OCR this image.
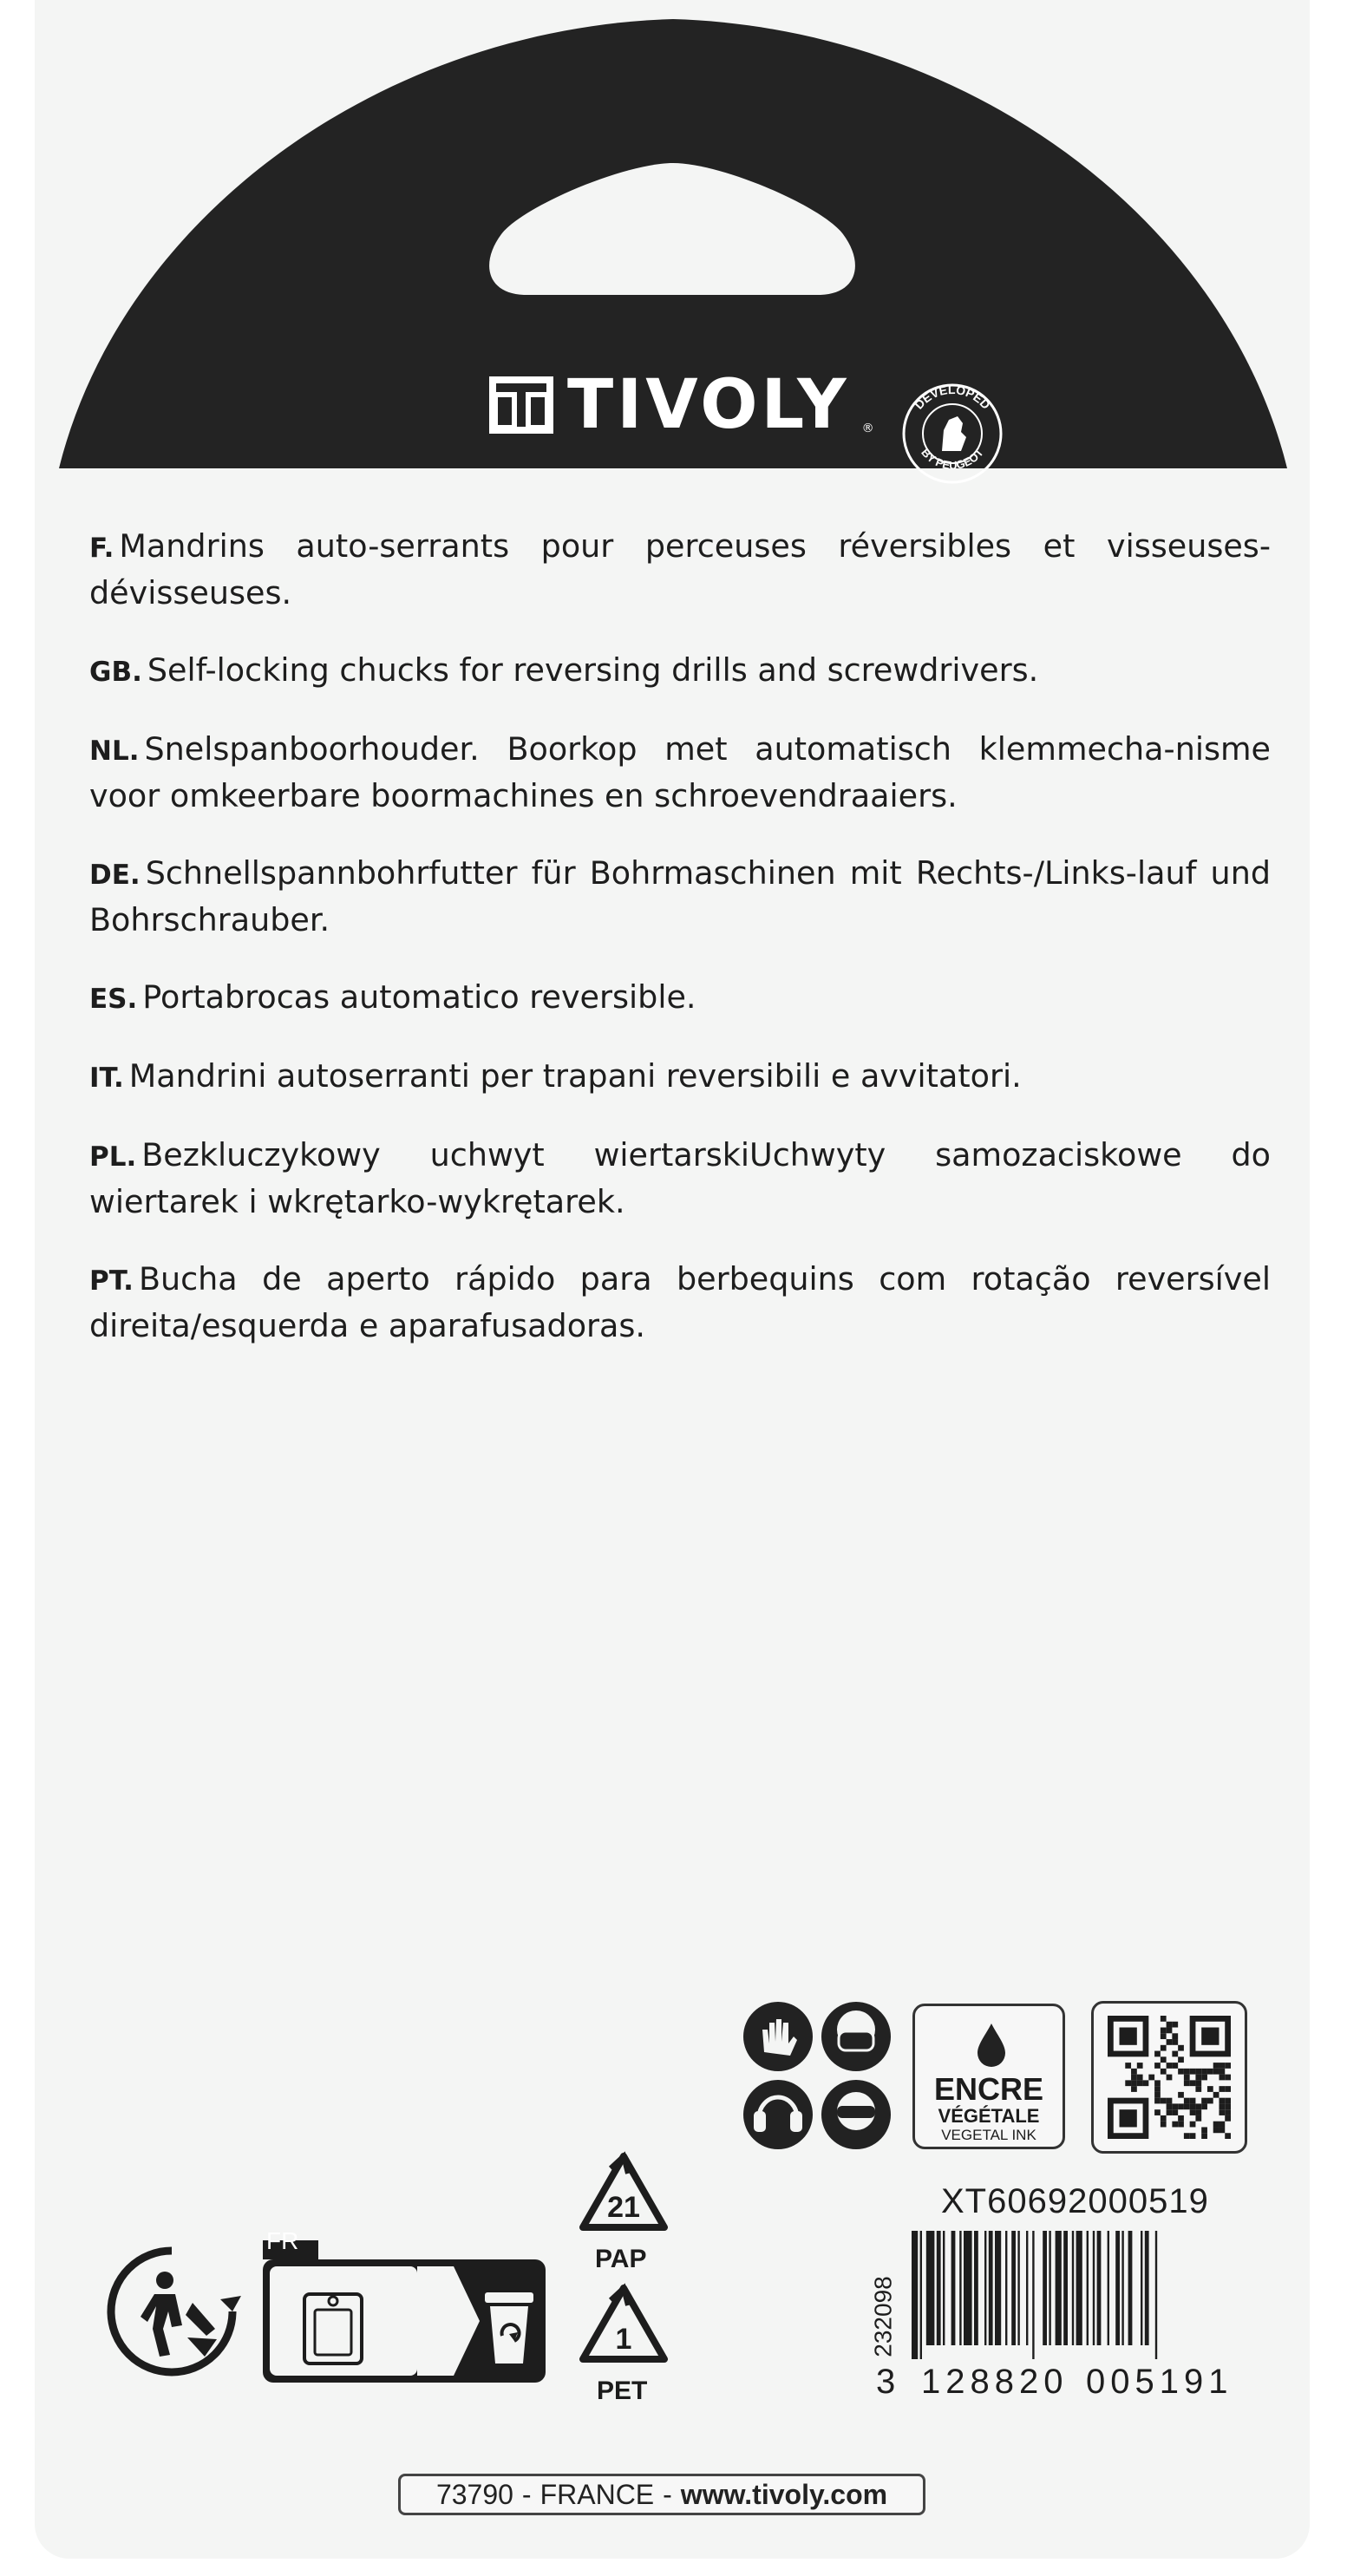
TIVOLY ®
DEVELOPED
BY PEUGEOT

F. Mandrins auto-serrants pour perceuses réversibles et visseuses-dévisseuses.

GB. Self-locking chucks for reversing drills and screwdrivers.

NL. Snelspanboorhouder. Boorkop met automatisch klemmecha-nisme voor omkeerbare boormachines en schroevendraaiers.

DE. Schnellspannbohrfutter für Bohrmaschinen mit Rechts-/Links-lauf und Bohrschrauber.

ES. Portabrocas automatico reversible.

IT. Mandrini autoserranti per trapani reversibili e avvitatori.

PL. Bezkluczykowy uchwyt wiertarskiUchwyty samozaciskowe do wiertarek i wkrętarko-wykrętarek.

PT. Bucha de aperto rápido para berbequins com rotação reversível direita/esquerda e aparafusadoras.

ENCRE
VÉGÉTALE
VEGETAL INK
XT60692000519
3 128820 005191
232098
21
PAP
1
PET
FR
73790 - FRANCE - www.tivoly.com
